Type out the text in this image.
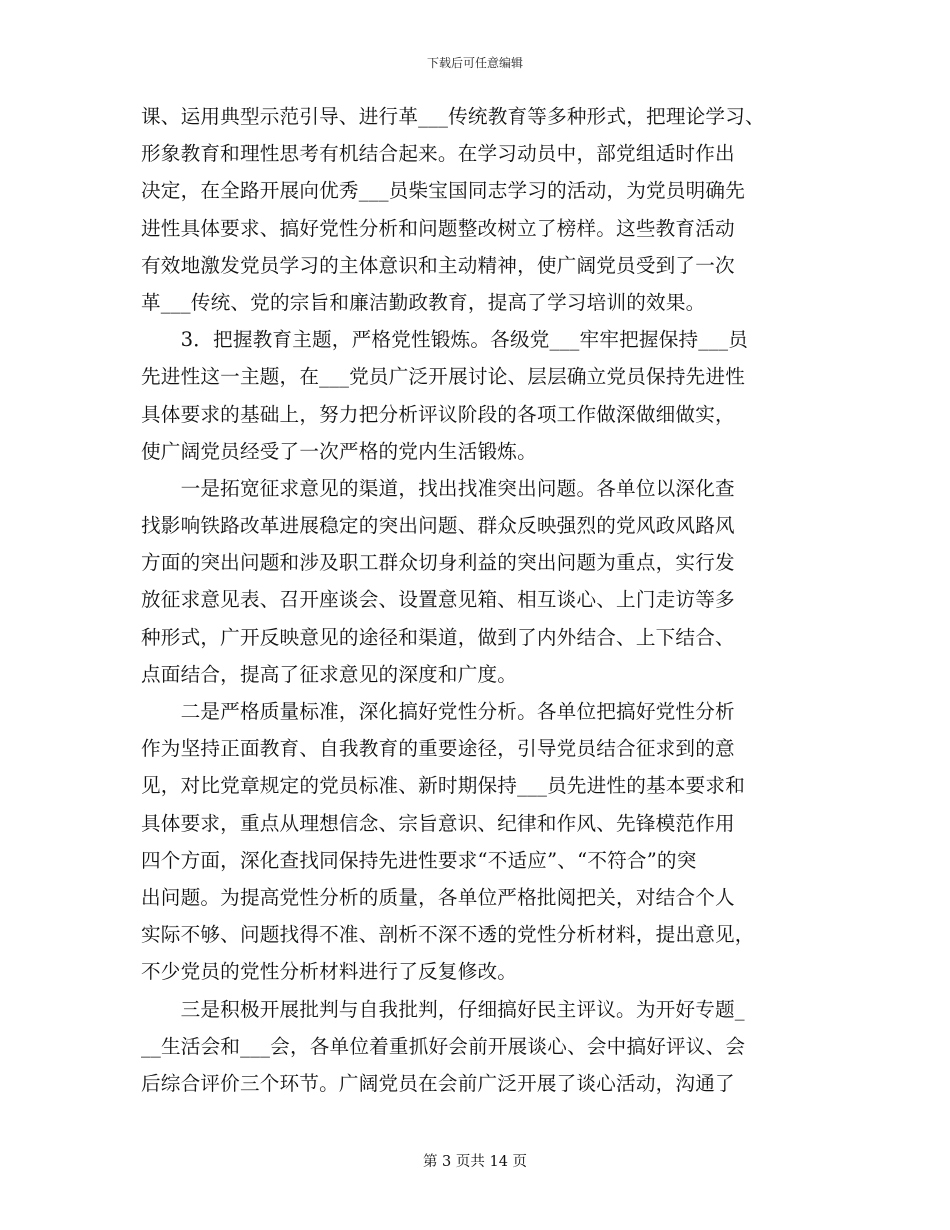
下载后可任意编辑
课、运用典型示范引导、进行革___传统教育等多种形式，把理论学习、
形象教育和理性思考有机结合起来。在学习动员中，部党组适时作出
决定，在全路开展向优秀___员柴宝国同志学习的活动，为党员明确先
进性具体要求、搞好党性分析和问题整改树立了榜样。这些教育活动
有效地激发党员学习的主体意识和主动精神，使广阔党员受到了一次
革___传统、党的宗旨和廉洁勤政教育，提高了学习培训的效果。
　　3．把握教育主题，严格党性锻炼。各级党___牢牢把握保持___员
先进性这一主题，在___党员广泛开展讨论、层层确立党员保持先进性
具体要求的基础上，努力把分析评议阶段的各项工作做深做细做实，
使广阔党员经受了一次严格的党内生活锻炼。
　　一是拓宽征求意见的渠道，找出找准突出问题。各单位以深化查
找影响铁路改革进展稳定的突出问题、群众反映强烈的党风政风路风
方面的突出问题和涉及职工群众切身利益的突出问题为重点，实行发
放征求意见表、召开座谈会、设置意见箱、相互谈心、上门走访等多
种形式，广开反映意见的途径和渠道，做到了内外结合、上下结合、
点面结合，提高了征求意见的深度和广度。
　　二是严格质量标准，深化搞好党性分析。各单位把搞好党性分析
作为坚持正面教育、自我教育的重要途径，引导党员结合征求到的意
见，对比党章规定的党员标准、新时期保持___员先进性的基本要求和
具体要求，重点从理想信念、宗旨意识、纪律和作风、先锋模范作用
四个方面，深化查找同保持先进性要求“不适应”、“不符合”的突
出问题。为提高党性分析的质量，各单位严格批阅把关，对结合个人
实际不够、问题找得不准、剖析不深不透的党性分析材料，提出意见，
不少党员的党性分析材料进行了反复修改。
　　三是积极开展批判与自我批判，仔细搞好民主评议。为开好专题_
__生活会和___会，各单位着重抓好会前开展谈心、会中搞好评议、会
后综合评价三个环节。广阔党员在会前广泛开展了谈心活动，沟通了
第 3 页共 14 页
